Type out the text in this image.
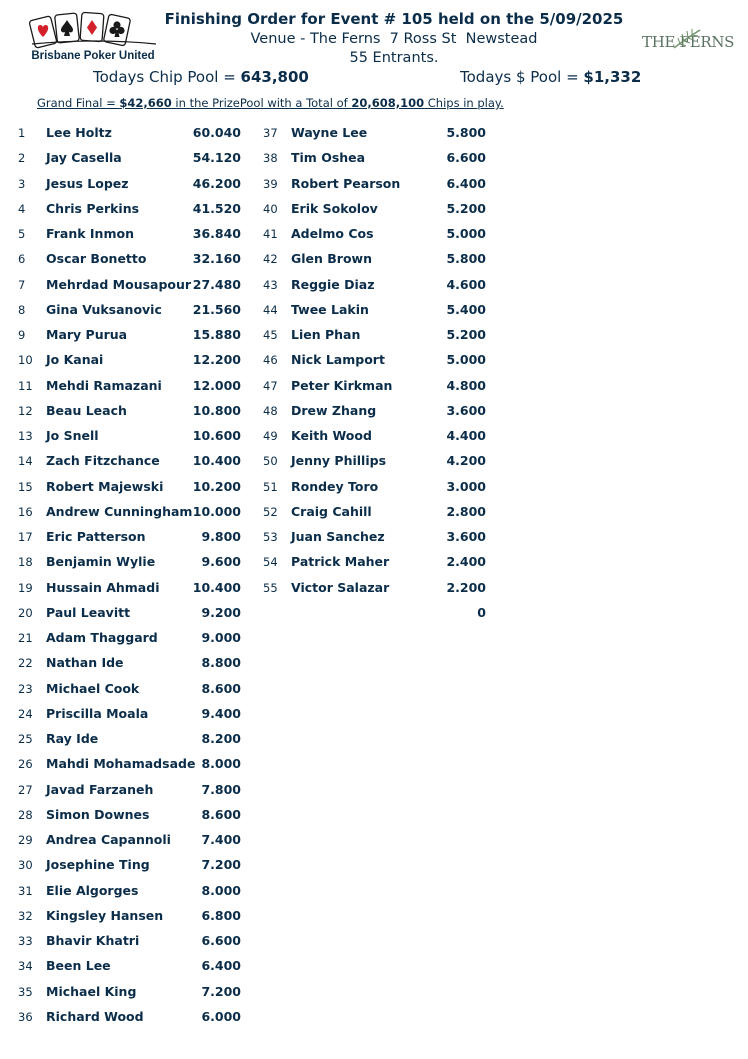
Brisbane Poker United
THE FERNS
Finishing Order for Event # 105 held on the 5/09/2025
Venue - The Ferns  7 Ross St  Newstead
55 Entrants.
Todays Chip Pool = 643,800	Todays $ Pool = $1,332
Grand Final = $42,660 in the PrizePool with a Total of 20,608,100 Chips in play.
1	Lee Holtz	60.040
2	Jay Casella	54.120
3	Jesus Lopez	46.200
4	Chris Perkins	41.520
5	Frank Inmon	36.840
6	Oscar Bonetto	32.160
7	Mehrdad Mousapour 27.480
8	Gina Vuksanovic	21.560
9	Mary Purua	15.880
10	Jo Kanai	12.200
11	Mehdi Ramazani	12.000
12	Beau Leach	10.800
13	Jo Snell	10.600
14	Zach Fitzchance	10.400
15	Robert Majewski	10.200
16	Andrew Cunningham 10.000
17	Eric Patterson	9.800
18	Benjamin Wylie	9.600
19	Hussain Ahmadi	10.400
20	Paul Leavitt	9.200
21	Adam Thaggard	9.000
22	Nathan Ide	8.800
23	Michael Cook	8.600
24	Priscilla Moala	9.400
25	Ray Ide	8.200
26	Mahdi Mohamadsade 8.000
27	Javad Farzaneh	7.800
28	Simon Downes	8.600
29	Andrea Capannoli	7.400
30	Josephine Ting	7.200
31	Elie Algorges	8.000
32	Kingsley Hansen	6.800
33	Bhavir Khatri	6.600
34	Been Lee	6.400
35	Michael King	7.200
36	Richard Wood	6.000
37	Wayne Lee	5.800
38	Tim Oshea	6.600
39	Robert Pearson	6.400
40	Erik Sokolov	5.200
41	Adelmo Cos	5.000
42	Glen Brown	5.800
43	Reggie Diaz	4.600
44	Twee Lakin	5.400
45	Lien Phan	5.200
46	Nick Lamport	5.000
47	Peter Kirkman	4.800
48	Drew Zhang	3.600
49	Keith Wood	4.400
50	Jenny Phillips	4.200
51	Rondey Toro	3.000
52	Craig Cahill	2.800
53	Juan Sanchez	3.600
54	Patrick Maher	2.400
55	Victor Salazar	2.200
0
